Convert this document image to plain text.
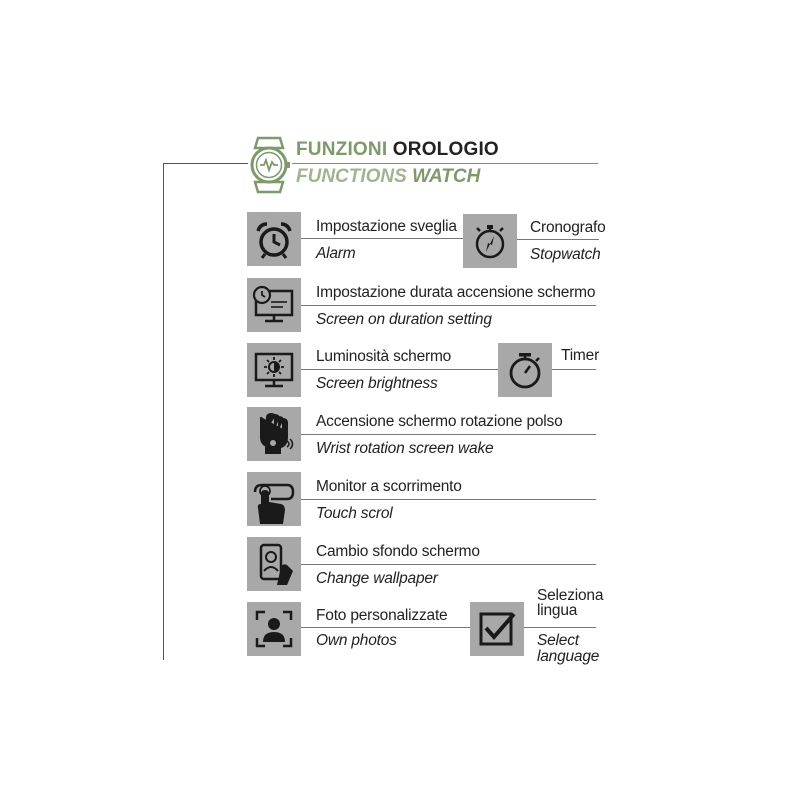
FUNZIONI OROLOGIO
FUNCTIONS WATCH
Impostazione sveglia
Alarm
Cronografo
Stopwatch
Impostazione durata accensione schermo
Screen on duration setting
Luminosità schermo
Screen brightness
Timer
Accensione schermo rotazione polso
Wrist rotation screen wake
Monitor a scorrimento
Touch scrol
Cambio sfondo schermo
Change wallpaper
Foto personalizzate
Own photos
Seleziona
lingua
Select
language
